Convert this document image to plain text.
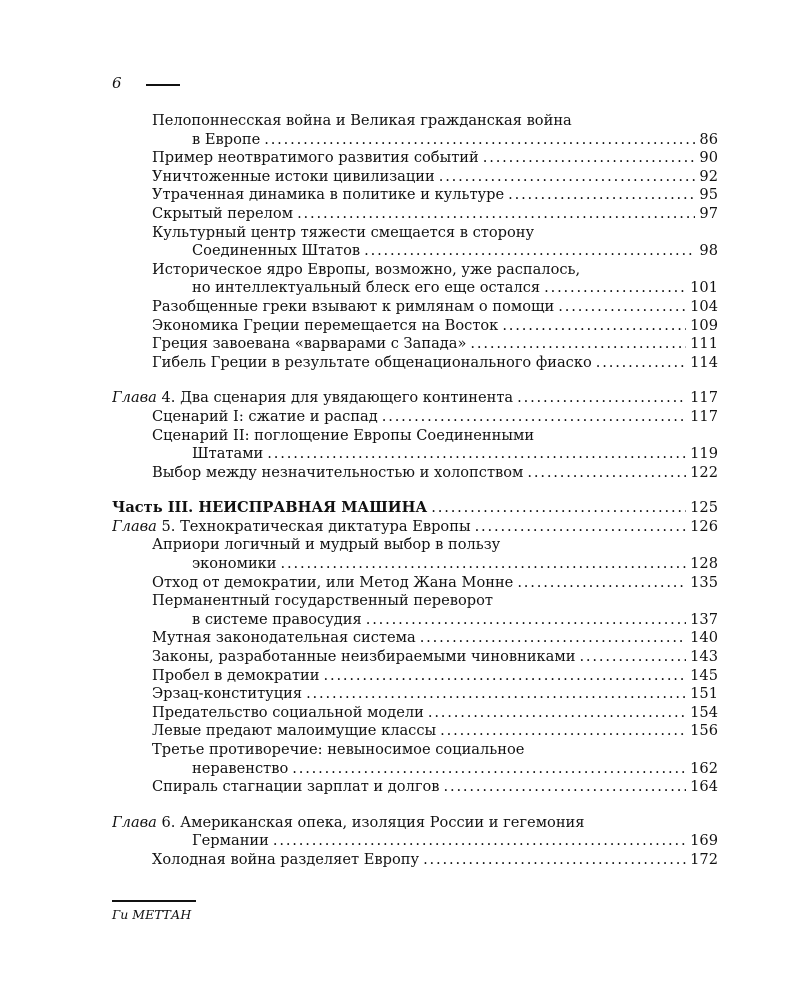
6
Пелопоннесская война и Великая гражданская война
в Европе . . .	86
Пример неотвратимого развития событий . . .	90
Уничтоженные истоки цивилизации . . .	92
Утраченная динамика в политике и культуре . . .	95
Скрытый перелом . . .	97
Культурный центр тяжести смещается в сторону
Соединенных Штатов . . .	98
Историческое ядро Европы, возможно, уже распалось,
но интеллектуальный блеск его еще остался . . .	101
Разобщенные греки взывают к римлянам о помощи . . .	104
Экономика Греции перемещается на Восток . . .	109
Греция завоевана «варварами с Запада» . . .	111
Гибель Греции в результате общенационального фиаско . . .	114
Глава 4. Два сценария для увядающего континента . . .	117
Сценарий I: сжатие и распад . . .	117
Сценарий II: поглощение Европы Соединенными
Штатами . . .	119
Выбор между незначительностью и холопством . . .	122
Часть III. НЕИСПРАВНАЯ МАШИНА . . .	125
Глава 5. Технократическая диктатура Европы . . .	126
Априори логичный и мудрый выбор в пользу
экономики . . .	128
Отход от демократии, или Метод Жана Монне . . .	135
Перманентный государственный переворот
в системе правосудия . . .	137
Мутная законодательная система . . .	140
Законы, разработанные неизбираемыми чиновниками . . .	143
Пробел в демократии . . .	145
Эрзац-конституция . . .	151
Предательство социальной модели . . .	154
Левые предают малоимущие классы . . .	156
Третье противоречие: невыносимое социальное
неравенство . . .	162
Спираль стагнации зарплат и долгов . . .	164
Глава 6. Американская опека, изоляция России и гегемония
Германии . . .	169
Холодная война разделяет Европу . . .	172
Ги МЕТТАН
